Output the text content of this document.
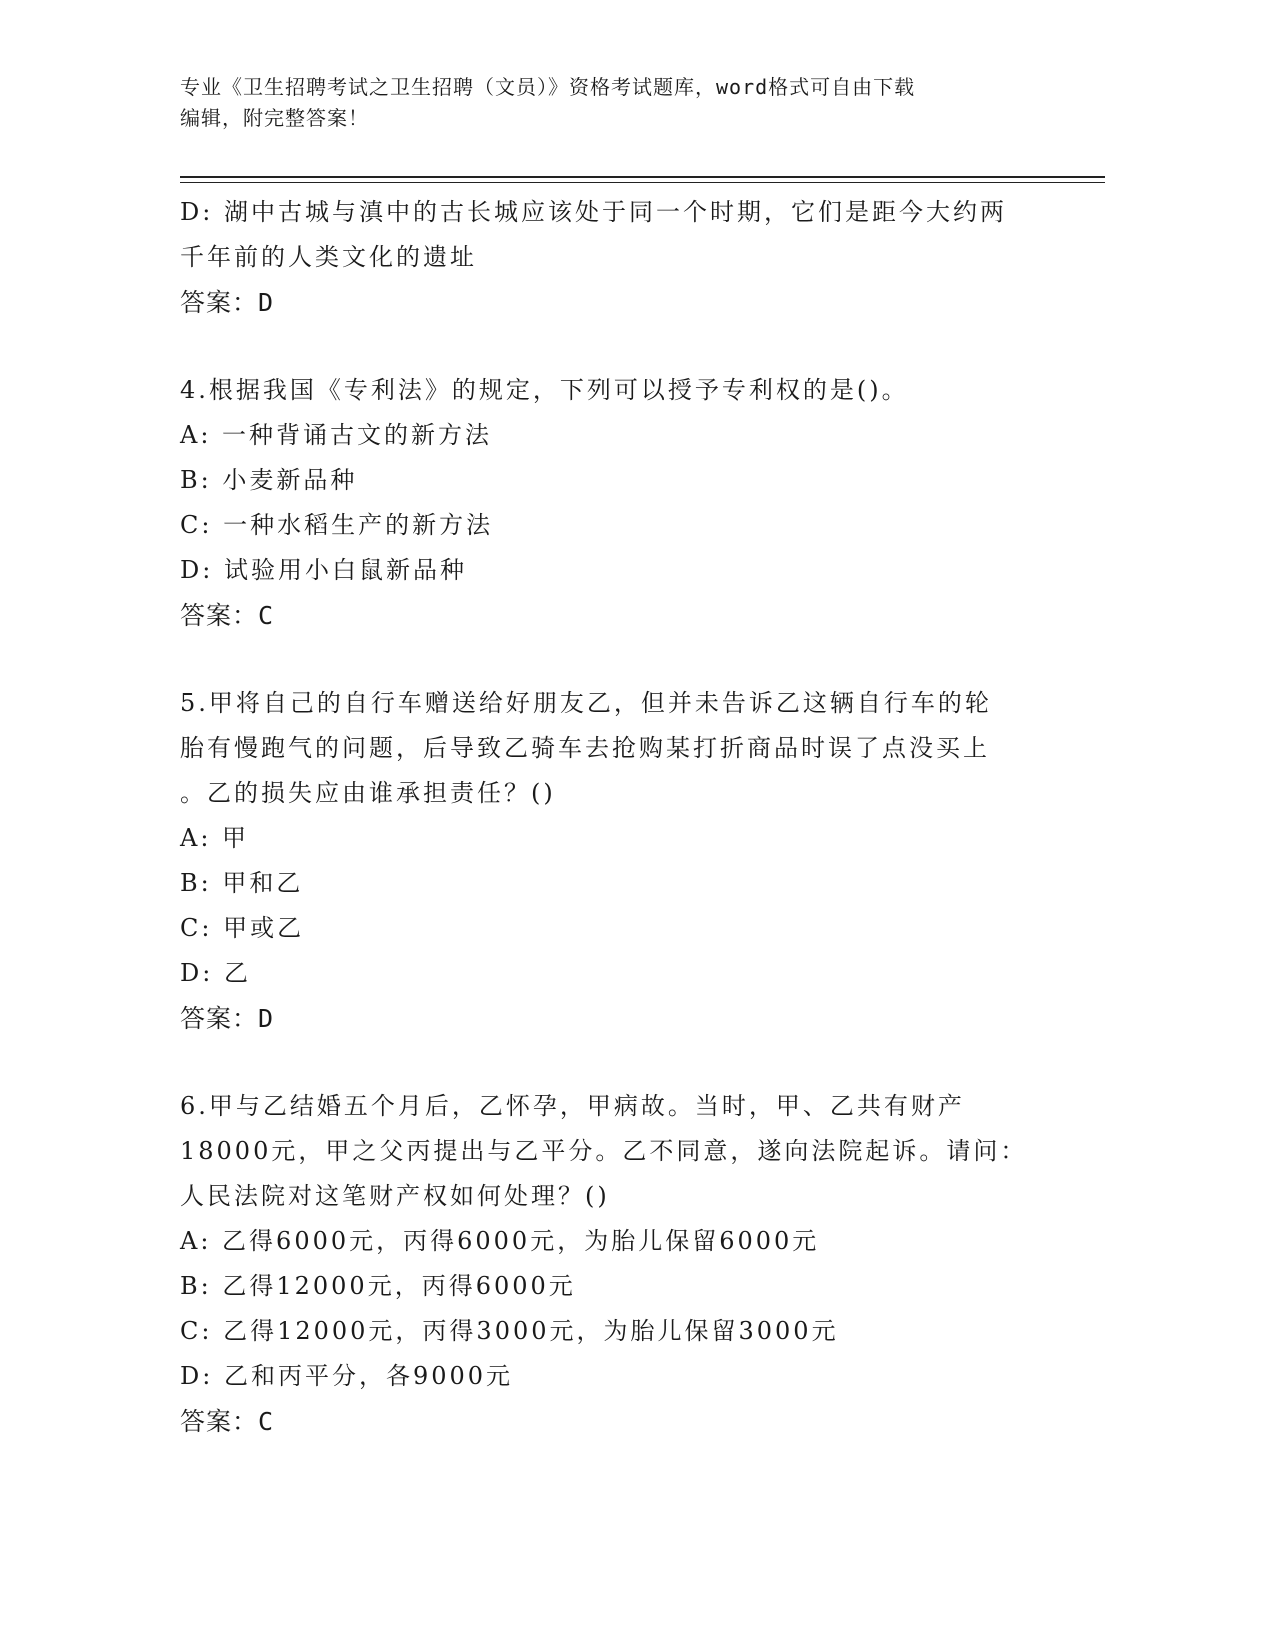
专业《卫生招聘考试之卫生招聘（文员）》资格考试题库，word格式可自由下载
编辑，附完整答案！
D: 湖中古城与滇中的古长城应该处于同一个时期，它们是距今大约两
千年前的人类文化的遗址
答案：D
4.根据我国《专利法》的规定，下列可以授予专利权的是()。
A: 一种背诵古文的新方法
B: 小麦新品种
C: 一种水稻生产的新方法
D: 试验用小白鼠新品种
答案：C
5.甲将自己的自行车赠送给好朋友乙，但并未告诉乙这辆自行车的轮
胎有慢跑气的问题，后导致乙骑车去抢购某打折商品时误了点没买上
。乙的损失应由谁承担责任？()
A: 甲
B: 甲和乙
C: 甲或乙
D: 乙
答案：D
6.甲与乙结婚五个月后，乙怀孕，甲病故。当时，甲、乙共有财产
18000元，甲之父丙提出与乙平分。乙不同意，遂向法院起诉。请问：
人民法院对这笔财产权如何处理？()
A: 乙得6000元，丙得6000元，为胎儿保留6000元
B: 乙得12000元，丙得6000元
C: 乙得12000元，丙得3000元，为胎儿保留3000元
D: 乙和丙平分，各9000元
答案：C
